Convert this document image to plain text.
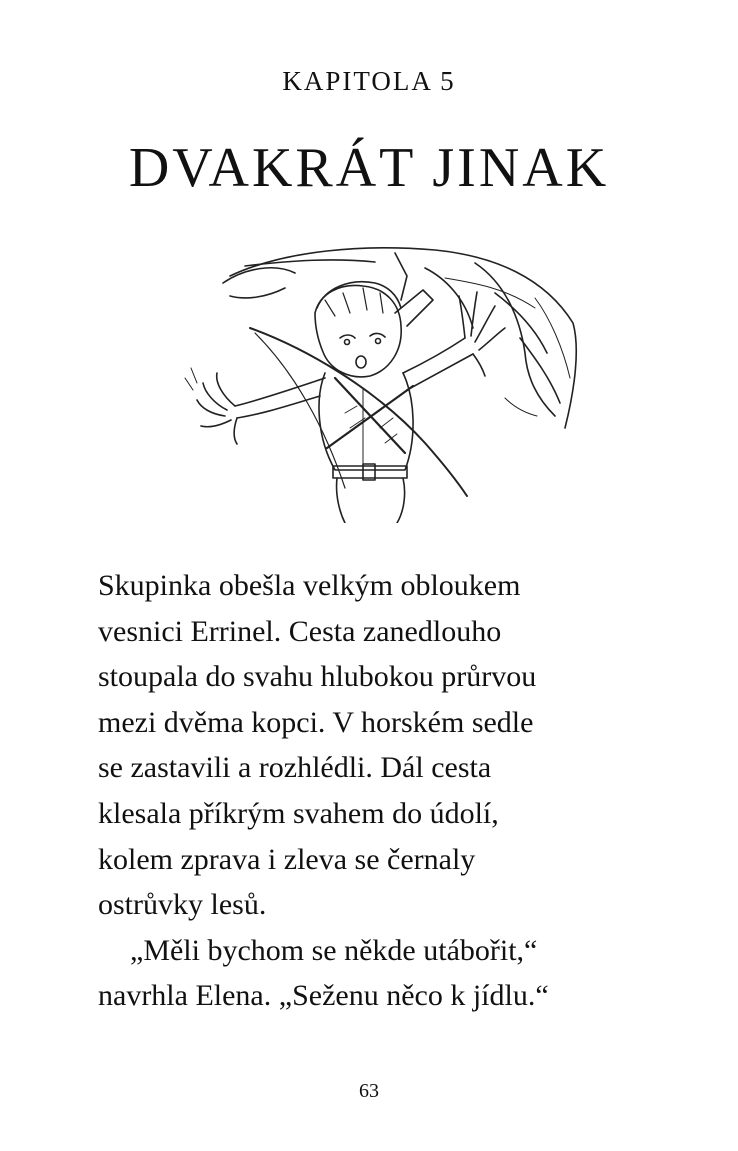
KAPITOLA 5
DVAKRÁT JINAK

Skupinka obešla velkým obloukem
vesnici Errinel. Cesta zanedlouho
stoupala do svahu hlubokou průrvou
mezi dvěma kopci. V horském sedle
se zastavili a rozhlédli. Dál cesta
klesala příkrým svahem do údolí,
kolem zprava i zleva se černaly
ostrůvky lesů.

„Měli bychom se někde utábořit,“
navrhla Elena. „Seženu něco k jídlu.“

63
